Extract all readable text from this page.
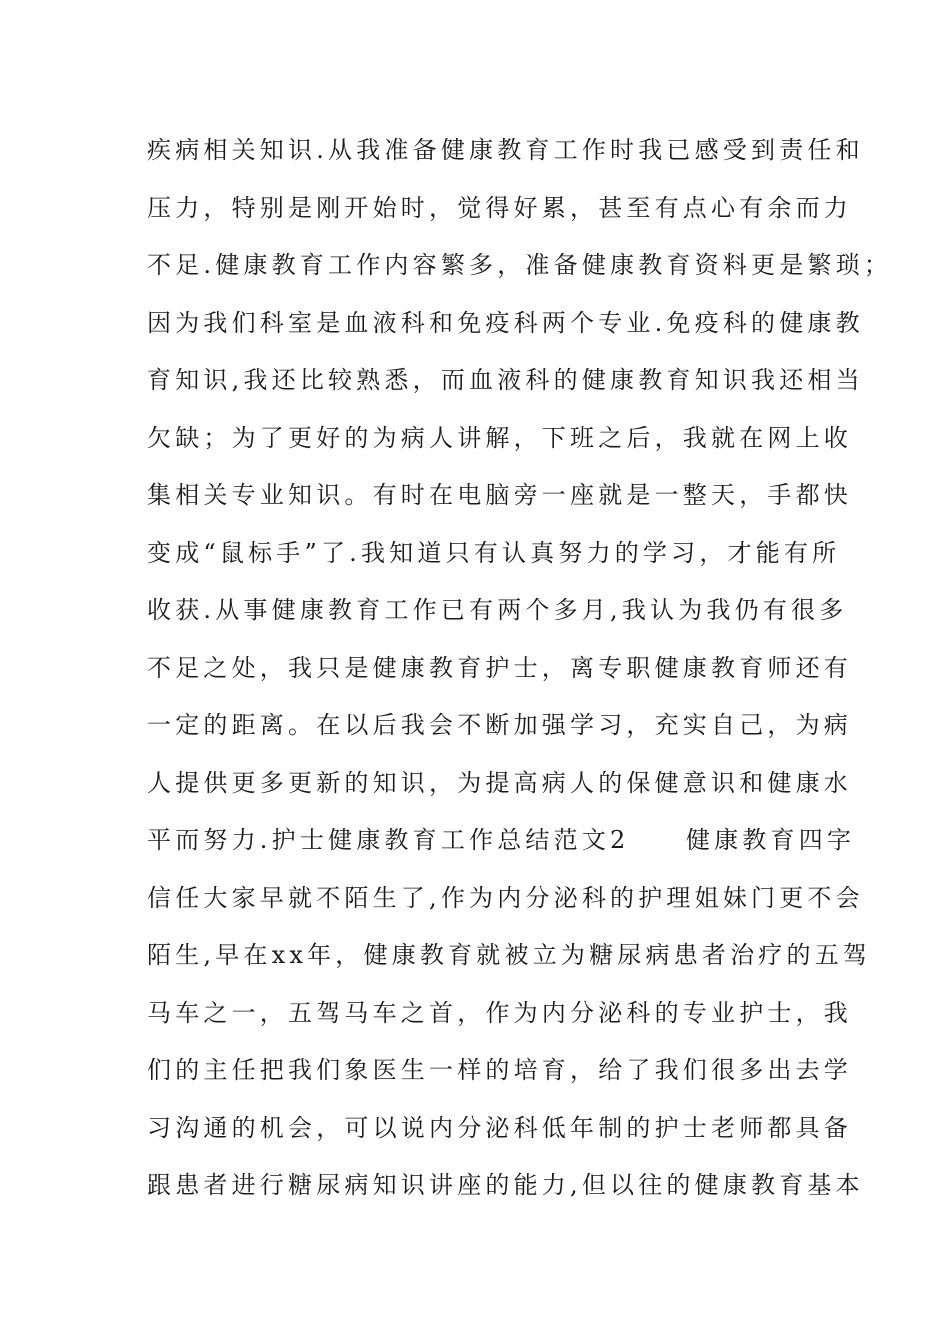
疾病相关知识.从我准备健康教育工作时我已感受到责任和
压力，特别是刚开始时，觉得好累，甚至有点心有余而力
不足.健康教育工作内容繁多，准备健康教育资料更是繁琐；
因为我们科室是血液科和免疫科两个专业.免疫科的健康教
育知识,我还比较熟悉，而血液科的健康教育知识我还相当
欠缺；为了更好的为病人讲解，下班之后，我就在网上收
集相关专业知识。有时在电脑旁一座就是一整天，手都快
变成“鼠标手”了.我知道只有认真努力的学习，才能有所
收获.从事健康教育工作已有两个多月,我认为我仍有很多
不足之处，我只是健康教育护士，离专职健康教育师还有
一定的距离。在以后我会不断加强学习，充实自己，为病
人提供更多更新的知识，为提高病人的保健意识和健康水
平而努力.护士健康教育工作总结范文2　　健康教育四字
信任大家早就不陌生了,作为内分泌科的护理姐妹门更不会
陌生,早在xx年，健康教育就被立为糖尿病患者治疗的五驾
马车之一，五驾马车之首，作为内分泌科的专业护士，我
们的主任把我们象医生一样的培育，给了我们很多出去学
习沟通的机会，可以说内分泌科低年制的护士老师都具备
跟患者进行糖尿病知识讲座的能力,但以往的健康教育基本
